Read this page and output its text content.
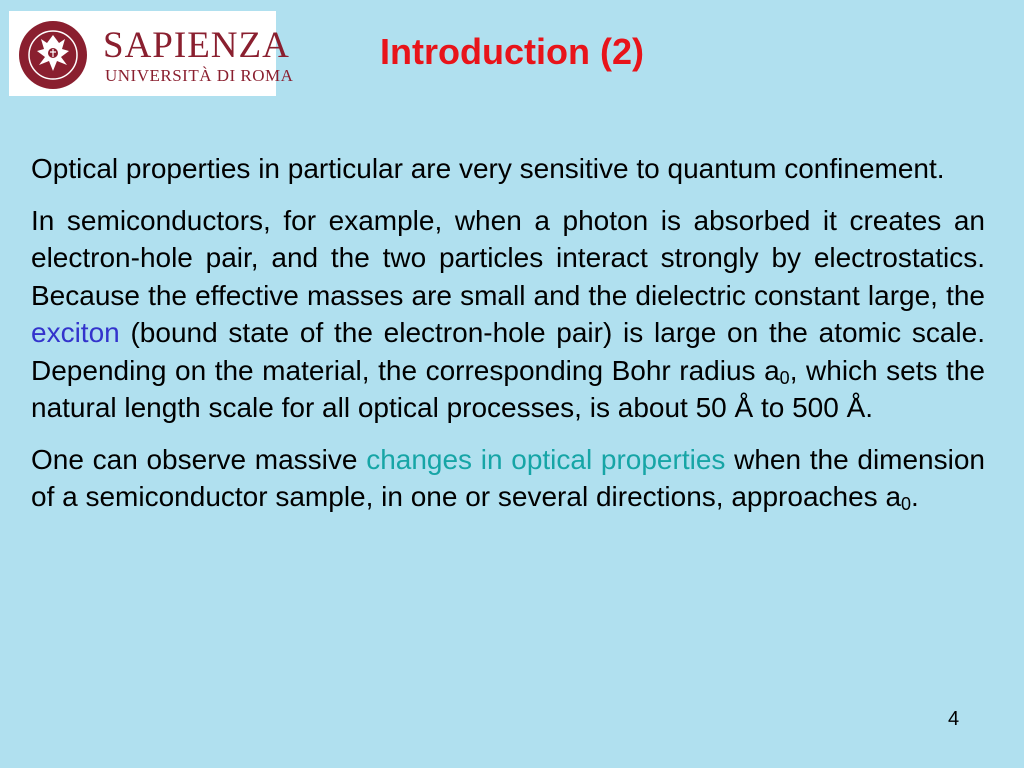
SAPIENZA
UNIVERSITÀ DI ROMA
Introduction (2)

Optical properties in particular are very sensitive to quantum confinement.

In semiconductors, for example, when a photon is absorbed it creates an electron-hole pair, and the two particles interact strongly by electrostatics. Because the effective masses are small and the dielectric constant large, the exciton (bound state of the electron-hole pair) is large on the atomic scale. Depending on the material, the corresponding Bohr radius $a_0$, which sets the natural length scale for all optical processes, is about 50 Å to 500 Å.

One can observe massive changes in optical properties when the dimension of a semiconductor sample, in one or several directions, approaches $a_0$.

4
